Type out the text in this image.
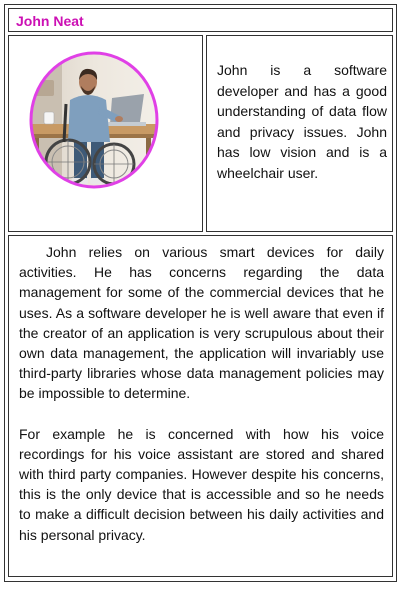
John Neat
John is a software developer and has a good understanding of data flow and privacy issues. John has low vision and is a wheelchair user.

John relies on various smart devices for daily activities. He has concerns regarding the data management for some of the commercial devices that he uses. As a software developer he is well aware that even if the creator of an application is very scrupulous about their own data management, the application will invariably use third-party libraries whose data management policies may be impossible to determine.

For example he is concerned with how his voice recordings for his voice assistant are stored and shared with third party companies. However despite his concerns, this is the only device that is accessible and so he needs to make a difficult decision between his daily activities and his personal privacy.
